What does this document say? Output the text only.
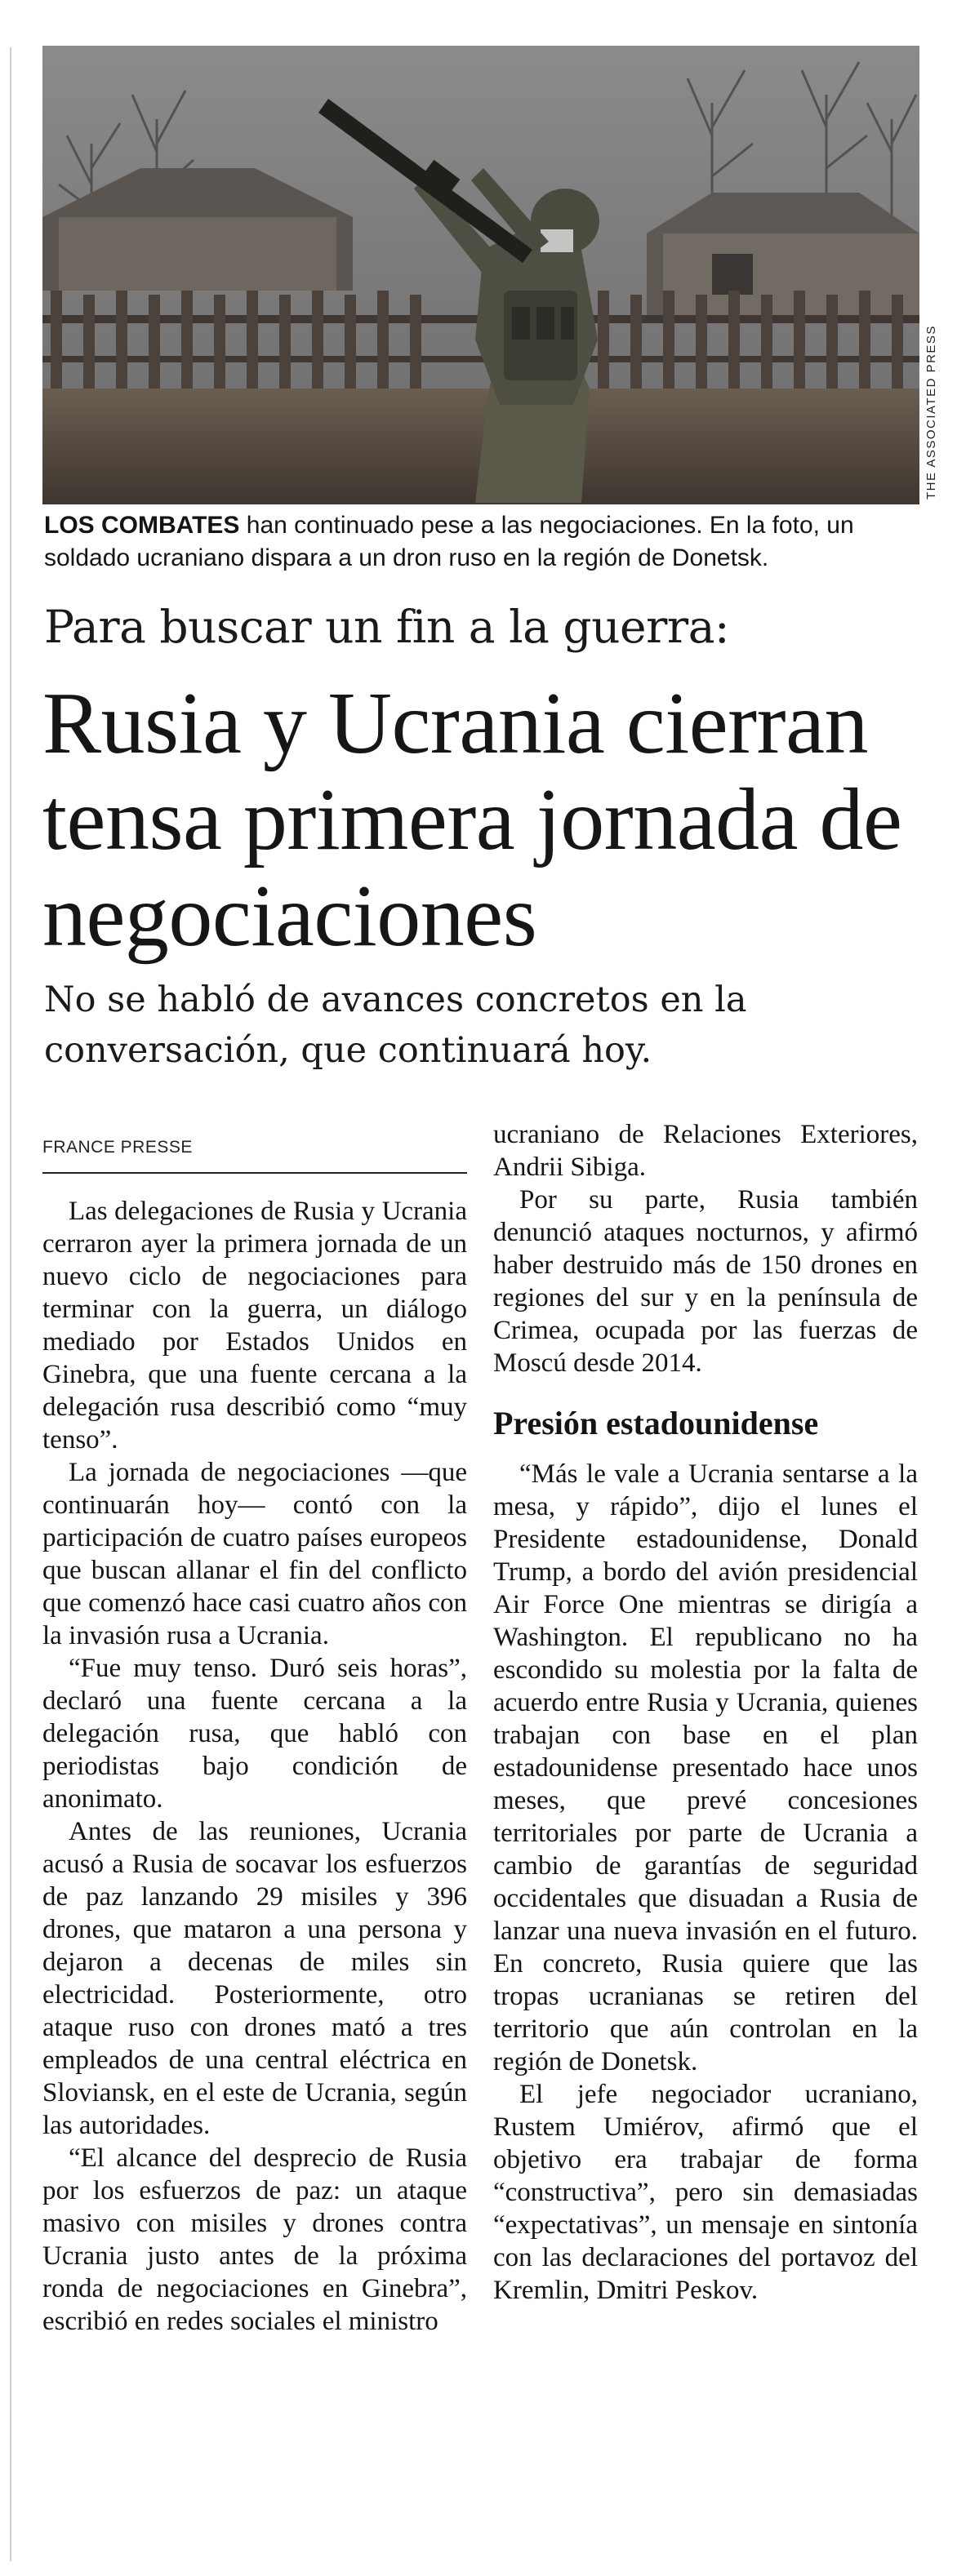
THE ASSOCIATED PRESS
LOS COMBATES han continuado pese a las negociaciones. En la foto, un soldado ucraniano dispara a un dron ruso en la región de Donetsk.
Para buscar un fin a la guerra:
Rusia y Ucrania cierran tensa primera jornada de negociaciones
No se habló de avances concretos en la conversación, que continuará hoy.
FRANCE PRESSE

Las delegaciones de Rusia y Ucrania cerraron ayer la primera jornada de un nuevo ciclo de negociaciones para terminar con la guerra, un diálogo mediado por Estados Unidos en Ginebra, que una fuente cercana a la delegación rusa describió como “muy tenso”.

La jornada de negociaciones —que continuarán hoy— contó con la participación de cuatro países europeos que buscan allanar el fin del conflicto que comenzó hace casi cuatro años con la invasión rusa a Ucrania.

“Fue muy tenso. Duró seis horas”, declaró una fuente cercana a la delegación rusa, que habló con periodistas bajo condición de anonimato.

Antes de las reuniones, Ucrania acusó a Rusia de socavar los esfuerzos de paz lanzando 29 misiles y 396 drones, que mataron a una persona y dejaron a decenas de miles sin electricidad. Posteriormente, otro ataque ruso con drones mató a tres empleados de una central eléctrica en Sloviansk, en el este de Ucrania, según las autoridades.

“El alcance del desprecio de Rusia por los esfuerzos de paz: un ataque masivo con misiles y drones contra Ucrania justo antes de la próxima ronda de negociaciones en Ginebra”, escribió en redes sociales el ministro

ucraniano de Relaciones Exteriores, Andrii Sibiga.

Por su parte, Rusia también denunció ataques nocturnos, y afirmó haber destruido más de 150 drones en regiones del sur y en la península de Crimea, ocupada por las fuerzas de Moscú desde 2014.

Presión estadounidense

“Más le vale a Ucrania sentarse a la mesa, y rápido”, dijo el lunes el Presidente estadounidense, Donald Trump, a bordo del avión presidencial Air Force One mientras se dirigía a Washington. El republicano no ha escondido su molestia por la falta de acuerdo entre Rusia y Ucrania, quienes trabajan con base en el plan estadounidense presentado hace unos meses, que prevé concesiones territoriales por parte de Ucrania a cambio de garantías de seguridad occidentales que disuadan a Rusia de lanzar una nueva invasión en el futuro. En concreto, Rusia quiere que las tropas ucranianas se retiren del territorio que aún controlan en la región de Donetsk.

El jefe negociador ucraniano, Rustem Umiérov, afirmó que el objetivo era trabajar de forma “constructiva”, pero sin demasiadas “expectativas”, un mensaje en sintonía con las declaraciones del portavoz del Kremlin, Dmitri Peskov.
